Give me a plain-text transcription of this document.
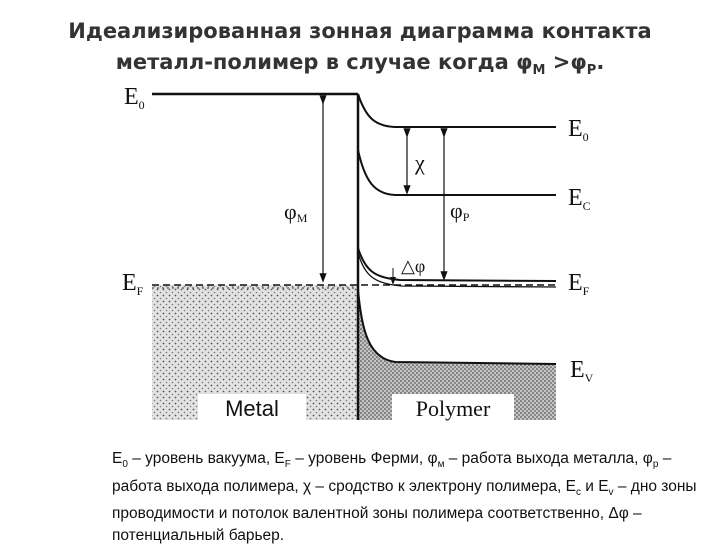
Идеализированная зонная диаграмма контакта
металл-полимер в случае когда $\varphi_M >\varphi_P$.
$E_0$
$E_F$
φM
χ
φP
△φ
$E_0$
$E_C$
$E_F$
$E_V$
Metal	Polymer
$E_0$ – уровень вакуума, $E_F$ – уровень Ферми, $\varphi_м$ – работа выхода металла, $\varphi_р$ – работа выхода полимера, χ – сродство к электрону полимера, $E_c$ и $E_v$ – дно зоны проводимости и потолок валентной зоны полимера соответственно, Δφ – потенциальный барьер.
